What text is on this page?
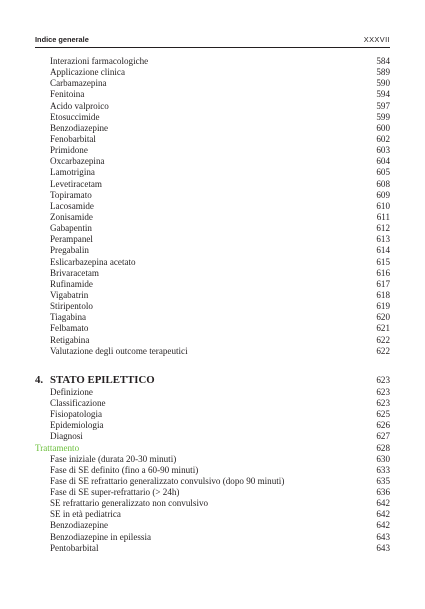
Indice generale	XXXVII
Interazioni farmacologiche	584
Applicazione clinica	589
Carbamazepina	590
Fenitoina	594
Acido valproico	597
Etosuccimide	599
Benzodiazepine	600
Fenobarbital	602
Primidone	603
Oxcarbazepina	604
Lamotrigina	605
Levetiracetam	608
Topiramato	609
Lacosamide	610
Zonisamide	611
Gabapentin	612
Perampanel	613
Pregabalin	614
Eslicarbazepina acetato	615
Brivaracetam	616
Rufinamide	617
Vigabatrin	618
Stiripentolo	619
Tiagabina	620
Felbamato	621
Retigabina	622
Valutazione degli outcome terapeutici	622
4. STATO EPILETTICO	623
Definizione	623
Classificazione	623
Fisiopatologia	625
Epidemiologia	626
Diagnosi	627
Trattamento	628
Fase iniziale (durata 20-30 minuti)	630
Fase di SE definito (fino a 60-90 minuti)	633
Fase di SE refrattario generalizzato convulsivo (dopo 90 minuti)	635
Fase di SE super-refrattario (> 24h)	636
SE refrattario generalizzato non convulsivo	642
SE in età pediatrica	642
Benzodiazepine	642
Benzodiazepine in epilessia	643
Pentobarbital	643
